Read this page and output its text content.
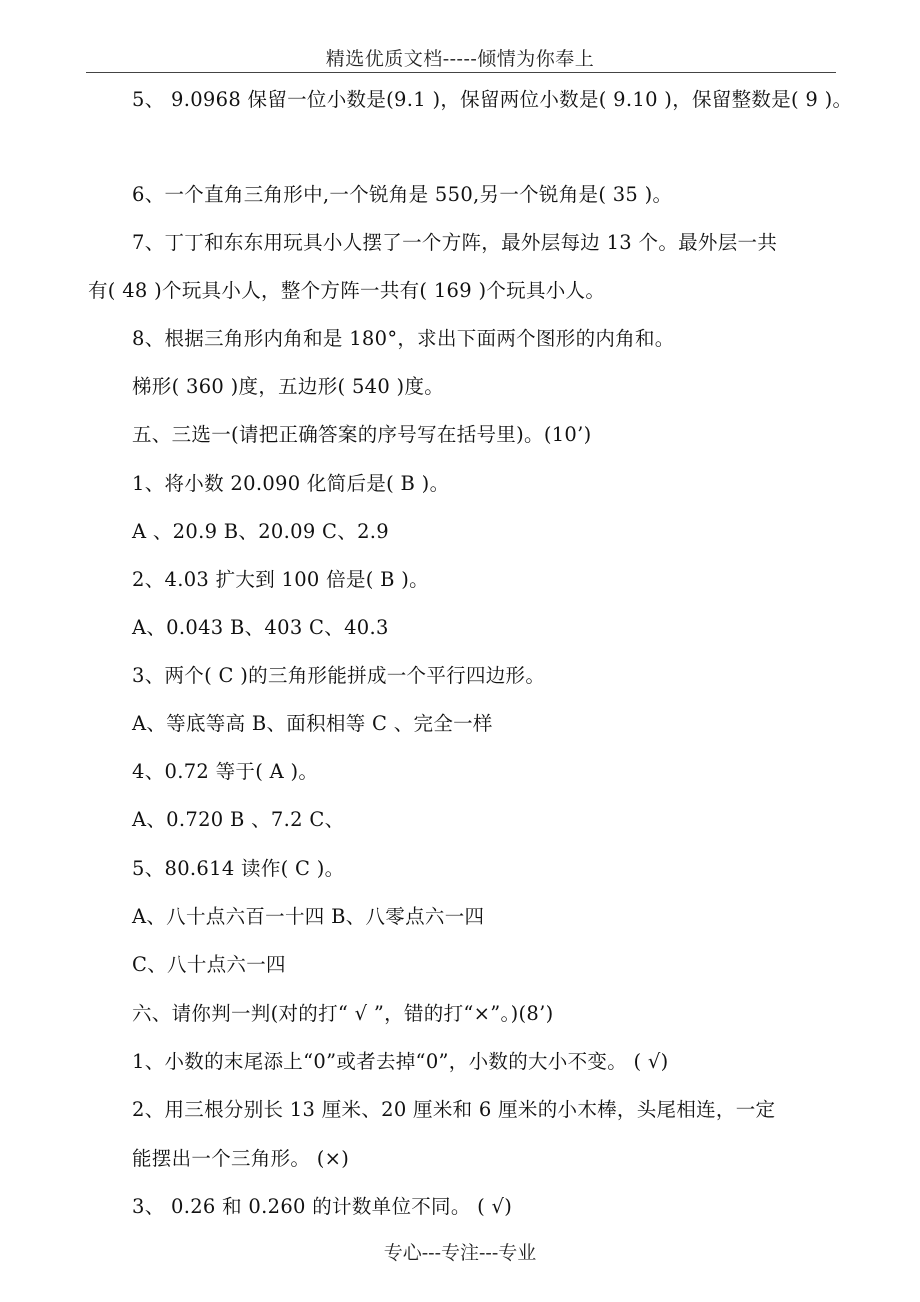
精选优质文档-----倾情为你奉上
5、 9.0968 保留一位小数是(9.1 )，保留两位小数是( 9.10 )，保留整数是( 9 )。
6、一个直角三角形中,一个锐角是 550,另一个锐角是( 35 )。
7、丁丁和东东用玩具小人摆了一个方阵，最外层每边 13 个。最外层一共
有( 48 )个玩具小人，整个方阵一共有( 169 )个玩具小人。
8、根据三角形内角和是 180°，求出下面两个图形的内角和。
梯形( 360 )度，五边形( 540 )度。
五、三选一(请把正确答案的序号写在括号里)。(10’)
1、将小数 20.090 化简后是( B )。
A 、20.9 B、20.09 C、2.9
2、4.03 扩大到 100 倍是( B )。
A、0.043 B、403 C、40.3
3、两个( C )的三角形能拼成一个平行四边形。
A、等底等高 B、面积相等 C 、完全一样
4、0.72 等于( A )。
A、0.720 B 、7.2 C、
5、80.614 读作( C )。
A、八十点六百一十四 B、八零点六一四
C、八十点六一四
六、请你判一判(对的打“ √ ”，错的打“×”。)(8’)
1、小数的末尾添上“0”或者去掉“0”，小数的大小不变。 ( √)
2、用三根分别长 13 厘米、20 厘米和 6 厘米的小木棒，头尾相连，一定
能摆出一个三角形。 (×)
3、 0.26 和 0.260 的计数单位不同。 ( √)
专心---专注---专业
